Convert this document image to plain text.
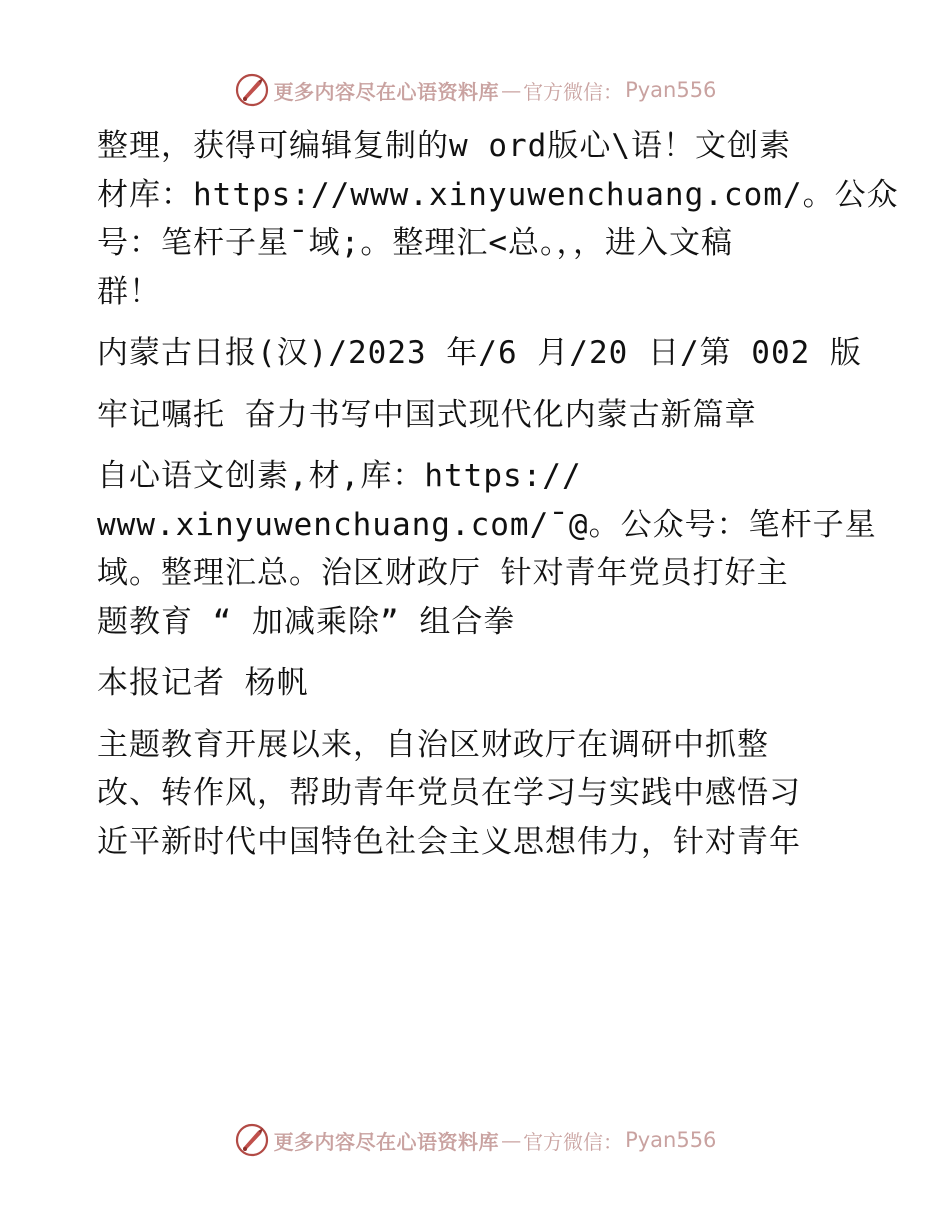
更多内容尽在心语资料库 — 官方微信： Pyan556
整理，获得可编辑复制的w ord版心\语！文创素
材库：https://www.xinyuwenchuang.com/。公众
号：笔杆子星¯域;。整理汇<总。，，进入文稿
群！
内蒙古日报(汉)/2023 年/6 月/20 日/第 002 版
牢记嘱托 奋力书写中国式现代化内蒙古新篇章
自心语文创素,材,库：https://
www.xinyuwenchuang.com/¯@。公众号：笔杆子星
域。整理汇总。治区财政厅 针对青年党员打好主
题教育 “ 加减乘除” 组合拳
本报记者 杨帆
主题教育开展以来，自治区财政厅在调研中抓整
改、转作风，帮助青年党员在学习与实践中感悟习
近平新时代中国特色社会主义思想伟力，针对青年
更多内容尽在心语资料库 — 官方微信： Pyan556
